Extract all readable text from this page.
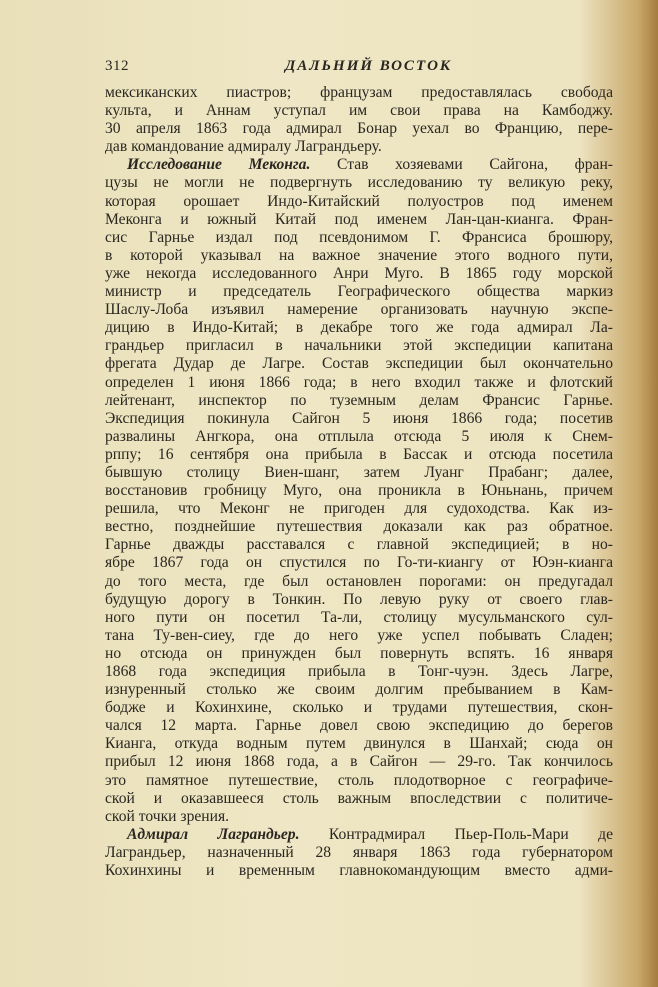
312	ДАЛЬНИЙ ВОСТОК
мексиканских пиастров; французам предоставлялась свобода
культа, и Аннам уступал им свои права на Камбоджу.
30 апреля 1863 года адмирал Бонар уехал во Францию, пере-
дав командование адмиралу Лаграндьеру.
Исследование Меконга. Став хозяевами Сайгона, фран-
цузы не могли не подвергнуть исследованию ту великую реку,
которая орошает Индо-Китайский полуостров под именем
Меконга и южный Китай под именем Лан-цан-кианга. Фран-
сис Гарнье издал под псевдонимом Г. Франсиса брошюру,
в которой указывал на важное значение этого водного пути,
уже некогда исследованного Анри Муго. В 1865 году морской
министр и председатель Географического общества маркиз
Шаслу-Лоба изъявил намерение организовать научную экспе-
дицию в Индо-Китай; в декабре того же года адмирал Ла-
грандьер пригласил в начальники этой экспедиции капитана
фрегата Дудар де Лагре. Состав экспедиции был окончательно
определен 1 июня 1866 года; в него входил также и флотский
лейтенант, инспектор по туземным делам Франсис Гарнье.
Экспедиция покинула Сайгон 5 июня 1866 года; посетив
развалины Ангкора, она отплыла отсюда 5 июля к Снем-
рппу; 16 сентября она прибыла в Бассак и отсюда посетила
бывшую столицу Виен-шанг, затем Луанг Прабанг; далее,
восстановив гробницу Муго, она проникла в Юньнань, причем
решила, что Меконг не пригоден для судоходства. Как из-
вестно, позднейшие путешествия доказали как раз обратное.
Гарнье дважды расставался с главной экспедицией; в но-
ябре 1867 года он спустился по Го-ти-киангу от Юэн-кианга
до того места, где был остановлен порогами: он предугадал
будущую дорогу в Тонкин. По левую руку от своего глав-
ного пути он посетил Та-ли, столицу мусульманского сул-
тана Ту-вен-сиеу, где до него уже успел побывать Сладен;
но отсюда он принужден был повернуть вспять. 16 января
1868 года экспедиция прибыла в Тонг-чуэн. Здесь Лагре,
изнуренный столько же своим долгим пребыванием в Кам-
бодже и Кохинхине, сколько и трудами путешествия, скон-
чался 12 марта. Гарнье довел свою экспедицию до берегов
Кианга, откуда водным путем двинулся в Шанхай; сюда он
прибыл 12 июня 1868 года, а в Сайгон — 29-го. Так кончилось
это памятное путешествие, столь плодотворное с географиче-
ской и оказавшееся столь важным впоследствии с политиче-
ской точки зрения.
Адмирал Лаграндьер. Контрадмирал Пьер-Поль-Мари де
Лаграндьер, назначенный 28 января 1863 года губернатором
Кохинхины и временным главнокомандующим вместо адми-
